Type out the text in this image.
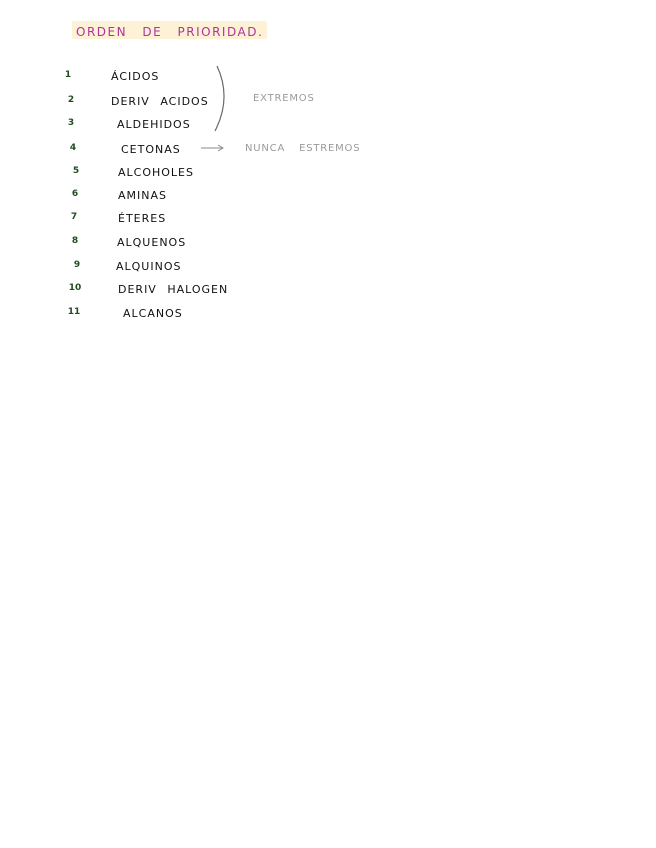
ORDEN DE PRIORIDAD.
1	ÁCIDOS
2	DERIV ACIDOS
3	ALDEHIDOS
4	CETONAS
5	ALCOHOLES
6	AMINAS
7	ÉTERES
8	ALQUENOS
9	ALQUINOS
10	DERIV HALOGEN
11	ALCANOS
EXTREMOS
NUNCA ESTREMOS
